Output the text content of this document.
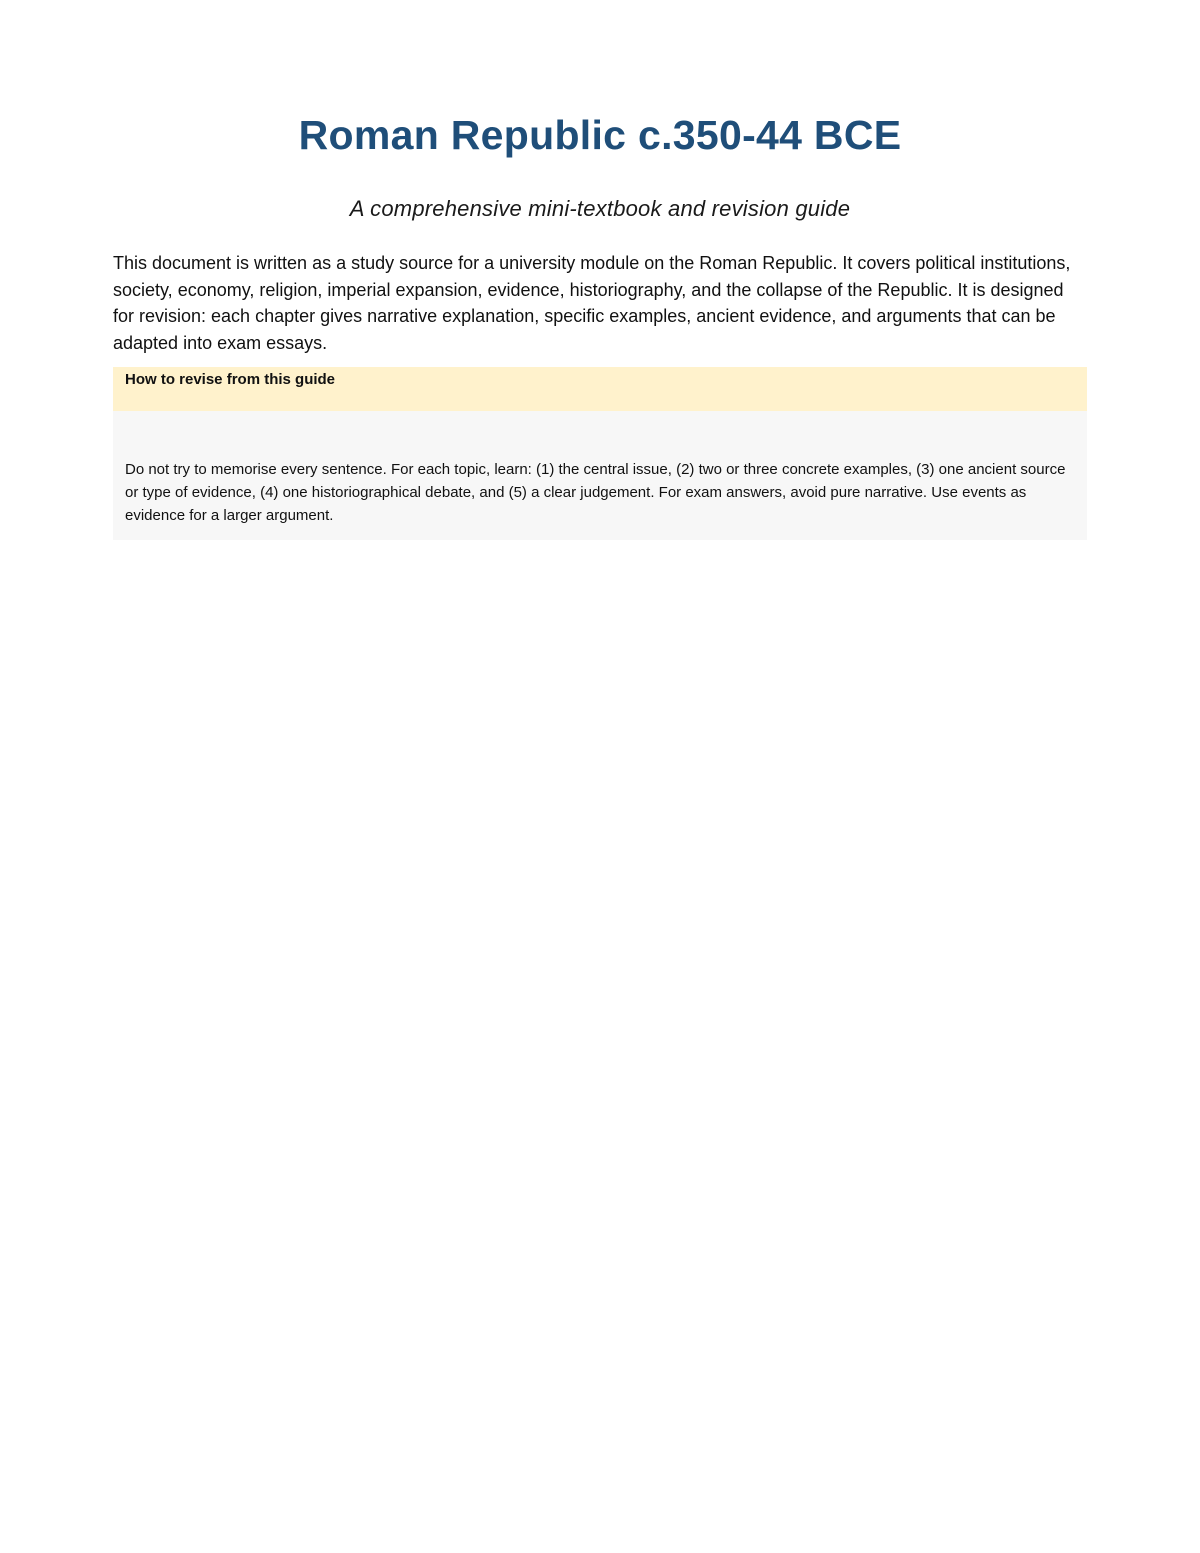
Roman Republic c.350-44 BCE

A comprehensive mini-textbook and revision guide

This document is written as a study source for a university module on the Roman Republic. It covers political institutions, society, economy, religion, imperial expansion, evidence, historiography, and the collapse of the Republic. It is designed for revision: each chapter gives narrative explanation, specific examples, ancient evidence, and arguments that can be adapted into exam essays.

How to revise from this guide

Do not try to memorise every sentence. For each topic, learn: (1) the central issue, (2) two or three concrete examples, (3) one ancient source or type of evidence, (4) one historiographical debate, and (5) a clear judgement. For exam answers, avoid pure narrative. Use events as evidence for a larger argument.
